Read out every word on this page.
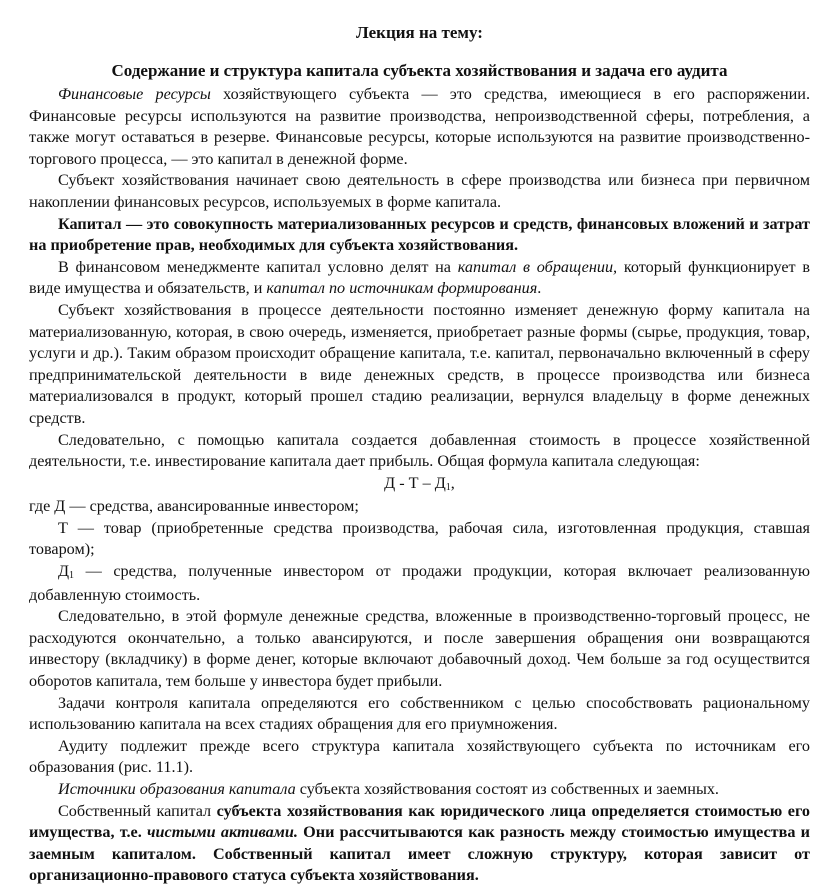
Лекция на тему:
Содержание и структура капитала субъекта хозяйствования и задача его аудита

Финансовые ресурсы хозяйствующего субъекта — это средства, имеющиеся в его распоряжении. Финансовые ресурсы используются на развитие производства, непроизводственной сферы, потребления, а также могут оставаться в резерве. Финансовые ресурсы, которые используются на развитие производственно-торгового процесса, — это капитал в денежной форме.

Субъект хозяйствования начинает свою деятельность в сфере производства или бизнеса при первичном накоплении финансовых ресурсов, используемых в форме капитала.

Капитал — это совокупность материализованных ресурсов и средств, финансовых вложений и затрат на приобретение прав, необходимых для субъекта хозяйствования.

В финансовом менеджменте капитал условно делят на капитал в обращении, который функционирует в виде имущества и обязательств, и капитал по источникам формирования.

Субъект хозяйствования в процессе деятельности постоянно изменяет денежную форму капитала на материализованную, которая, в свою очередь, изменяется, приобретает разные формы (сырье, продукция, товар, услуги и др.). Таким образом происходит обращение капитала, т.е. капитал, первоначально включенный в сферу предпринимательской деятельности в виде денежных средств, в процессе производства или бизнеса материализовался в продукт, который прошел стадию реализации, вернулся владельцу в форме денежных средств.

Следовательно, с помощью капитала создается добавленная стоимость в процессе хозяйственной деятельности, т.е. инвестирование капитала дает прибыль. Общая формула капитала следующая:

Д - Т – $Д_1$,

где Д — средства, авансированные инвестором;

Т — товар (приобретенные средства производства, рабочая сила, изготовленная продукция, ставшая товаром);

$Д_1$ — средства, полученные инвестором от продажи продукции, которая включает реализованную добавленную стоимость.

Следовательно, в этой формуле денежные средства, вложенные в производственно-торговый процесс, не расходуются окончательно, а только авансируются, и после завершения обращения они возвращаются инвестору (вкладчику) в форме денег, которые включают добавочный доход. Чем больше за год осуществится оборотов капитала, тем больше у инвестора будет прибыли.

Задачи контроля капитала определяются его собственником с целью способствовать рациональному использованию капитала на всех стадиях обращения для его приумножения.

Аудиту подлежит прежде всего структура капитала хозяйствующего субъекта по источникам его образования (рис. 11.1).

Источники образования капитала субъекта хозяйствования состоят из собственных и заемных.

Собственный капитал субъекта хозяйствования как юридического лица определяется стоимостью его имущества, т.е. чистыми активами. Они рассчитываются как разность между стоимостью имущества и заемным капиталом. Собственный капитал имеет сложную структуру, которая зависит от организационно-правового статуса субъекта хозяйствования.
